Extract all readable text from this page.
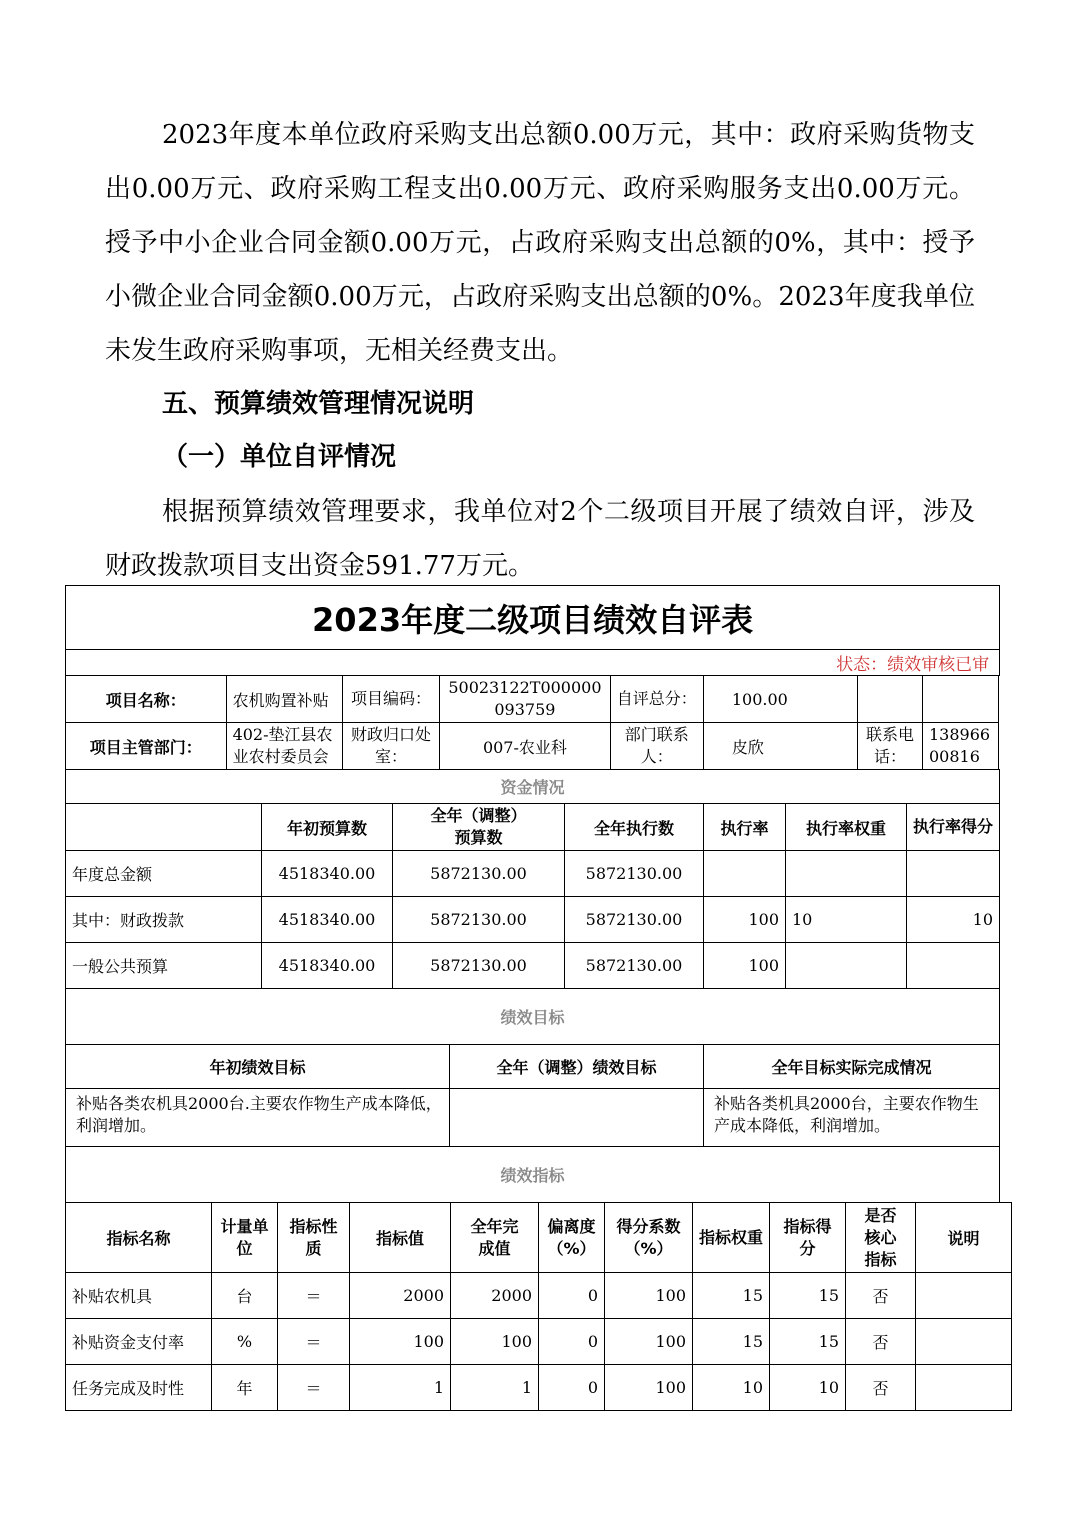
2023年度本单位政府采购支出总额0.00万元，其中：政府采购货物支出0.00万元、政府采购工程支出0.00万元、政府采购服务支出0.00万元。授予中小企业合同金额0.00万元，占政府采购支出总额的0%，其中：授予小微企业合同金额0.00万元，占政府采购支出总额的0%。2023年度我单位未发生政府采购事项，无相关经费支出。

五、预算绩效管理情况说明

（一）单位自评情况

根据预算绩效管理要求，我单位对2个二级项目开展了绩效自评，涉及财政拨款项目支出资金591.77万元。

2023年度二级项目绩效自评表
状态：绩效审核已审
项目名称：	农机购置补贴	项目编码：	50023122T000000093759	自评总分：	100.00		
项目主管部门：	402-垫江县农业农村委员会	财政归口处室：	007-农业科	部门联系人：	皮欣	联系电话：	13896600816
资金情况						
	年初预算数	全年（调整）预算数	全年执行数	执行率	执行率权重	执行率得分
年度总金额	4518340.00	5872130.00	5872130.00			
其中：财政拨款	4518340.00	5872130.00	5872130.00	100	10	10
一般公共预算	4518340.00	5872130.00	5872130.00	100		
绩效目标		
年初绩效目标	全年（调整）绩效目标	全年目标实际完成情况
补贴各类农机具2000台.主要农作物生产成本降低，利润增加。		补贴各类机具2000台，主要农作物生产成本降低，利润增加。
绩效指标		
指标名称	计量单位	指标性质	指标值	全年完成值	偏离度（%）	得分系数（%）	指标权重	指标得分	是否核心指标	说明
补贴农机具	台	＝	2000	2000	0	100	15	15	否	
补贴资金支付率	%	＝	100	100	0	100	15	15	否	
任务完成及时性	年	＝	1	1	0	100	10	10	否	
